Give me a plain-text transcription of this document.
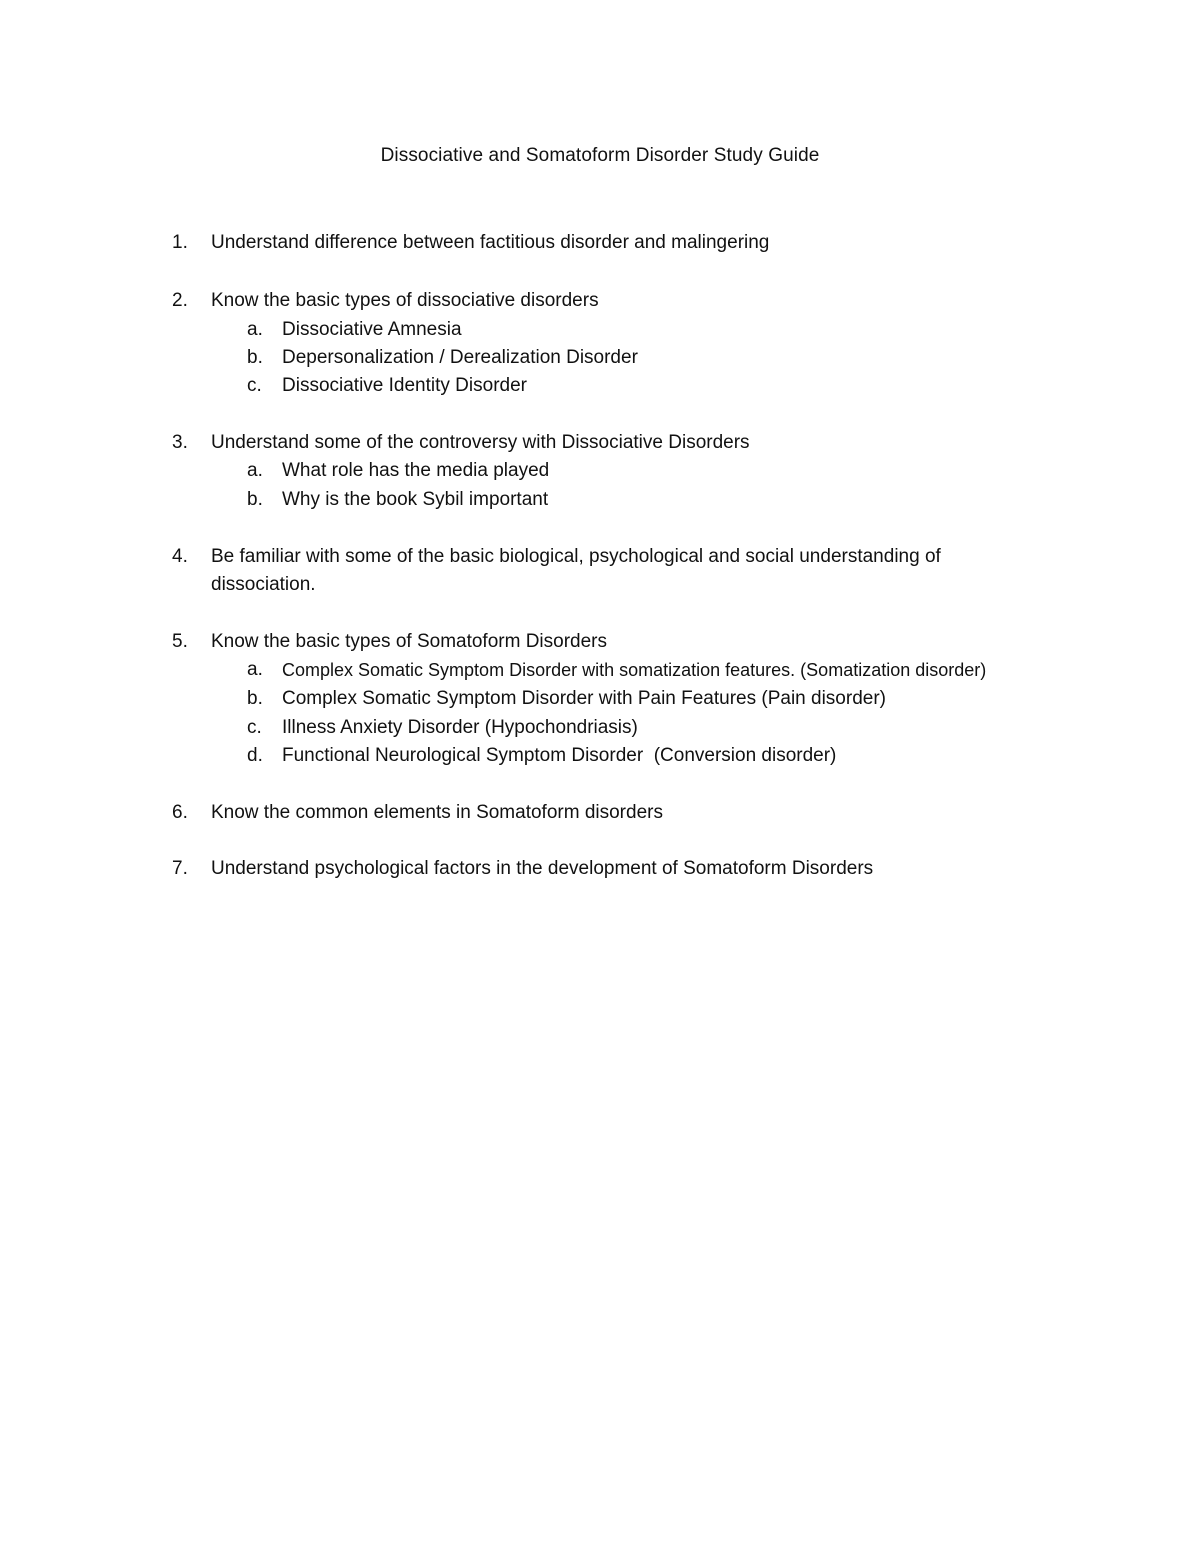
Dissociative and Somatoform Disorder Study Guide
1.	Understand difference between factitious disorder and malingering
2.	Know the basic types of dissociative disorders
a.	Dissociative Amnesia
b.	Depersonalization / Derealization Disorder
c.	Dissociative Identity Disorder
3.	Understand some of the controversy with Dissociative Disorders
a.	What role has the media played
b.	Why is the book Sybil important
4.	Be familiar with some of the basic biological, psychological and social understanding of
dissociation.
5.	Know the basic types of Somatoform Disorders
a.	Complex Somatic Symptom Disorder with somatization features. (Somatization disorder)
b.	Complex Somatic Symptom Disorder with Pain Features (Pain disorder)
c.	Illness Anxiety Disorder (Hypochondriasis)
d.	Functional Neurological Symptom Disorder  (Conversion disorder)
6.	Know the common elements in Somatoform disorders
7.	Understand psychological factors in the development of Somatoform Disorders
